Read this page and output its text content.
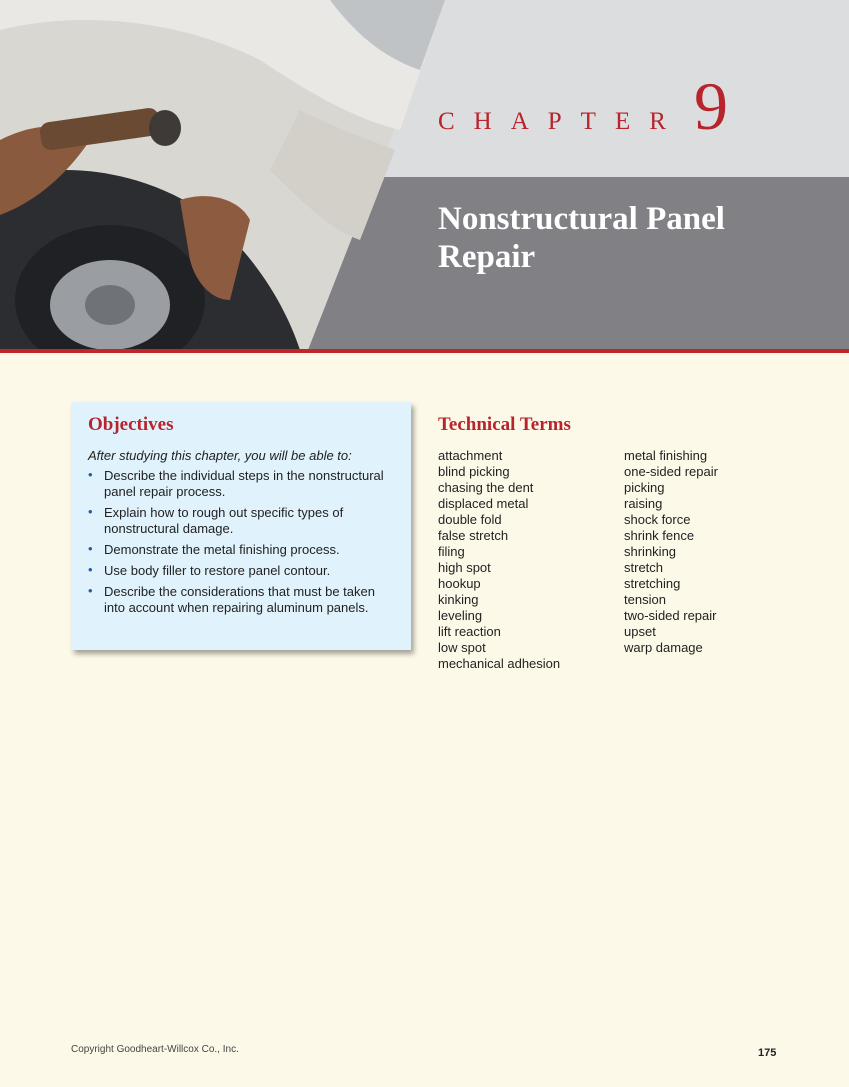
CHAPTER 9
Nonstructural Panel Repair
Objectives
After studying this chapter, you will be able to:
• Describe the individual steps in the nonstructural panel repair process.
• Explain how to rough out specific types of nonstructural damage.
• Demonstrate the metal finishing process.
• Use body filler to restore panel contour.
• Describe the considerations that must be taken into account when repairing aluminum panels.
Technical Terms
attachment
blind picking
chasing the dent
displaced metal
double fold
false stretch
filing
high spot
hookup
kinking
leveling
lift reaction
low spot
mechanical adhesion
metal finishing
one-sided repair
picking
raising
shock force
shrink fence
shrinking
stretch
stretching
tension
two-sided repair
upset
warp damage
Copyright Goodheart-Willcox Co., Inc.	175
